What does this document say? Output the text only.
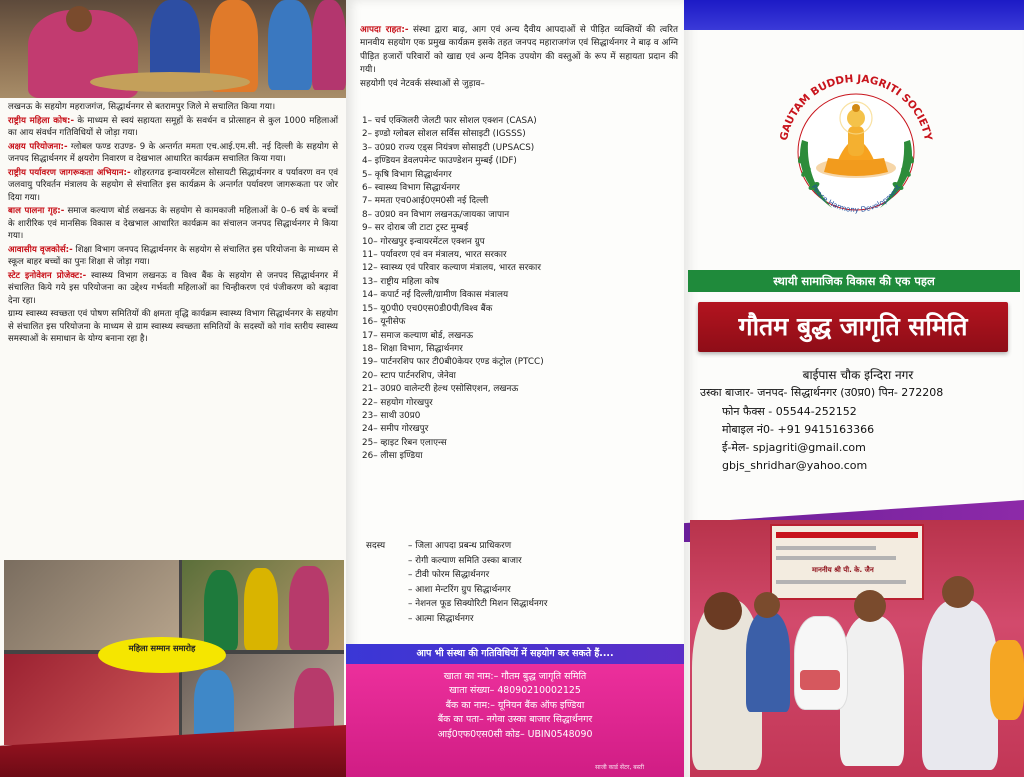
लखनऊ के सहयोग महराजगंज, सिद्धार्थनगर से बतरामपुर जिले मे सचालित किया गया।

राष्ट्रीय महिला कोष:- के माध्यम से स्वयं सहायता समूहों के सवर्धन व प्रोत्साहन से कुल 1000 महिलाओं का आय संवर्धन गतिविधियों से जोड़ा गया।

अक्षय परियोजना:- ग्लोबल फण्ड राउण्ड- 9 के अन्तर्गत ममता एच.आई.एम.सी. नई दिल्ली के सहयोग से जनपद सिद्धार्थनगर में क्षयरोग निवारण व देखभाल आधारित कार्यक्रम सचालित किया गया।

राष्ट्रीय पर्यावरण जागरूकता अभियान:- शोहरतगढ इन्वायरमेंटल सोसायटी सिद्धार्थनगर व पर्यावरण वन एवं जलवायु परिवर्तन मंत्रालय के सहयोग से संचालित इस कार्यक्रम के अन्तर्गत पर्यावरण जागरूकता पर जोर दिया गया।

बाल पालना गृह:- समाज कल्याण बोर्ड लखनऊ के सहयोग से कामकाजी महिलाओं के 0–6 वर्ष के बच्चों के शारीरिक एवं मानसिक विकास व देखभाल आधारित कार्यक्रम का संचालन जनपद सिद्धार्थनगर मे किया गया।

आवासीय वृजकोर्स:- शिक्षा विभाग जनपद सिद्धार्थनगर के सहयोग से संचालित इस परियोजना के माध्यम से स्कूल बाहर बच्चों का पुनः शिक्षा से जोड़ा गया।

स्टेट इनोवेशन प्रोजेक्ट:- स्वास्थ्य विभाग लखनऊ व विश्व बैंक के सहयोग से जनपद सिद्धार्थनगर में संचालित किये गये इस परियोजना का उद्देश्य गर्भवती महिलाओं का चिन्हीकरण एवं पंजीकरण को बढ़ावा देना रहा।

ग्राम्य स्वास्थ्य स्वच्छता एवं पोषण समितियों की क्षमता वृद्धि कार्यक्रम स्वास्थ्य विभाग सिद्धार्थनगर के सहयोग से संचालित इस परियोजना के माध्यम से ग्राम स्वास्थ्य स्वच्छता समितियों के सदस्यों को गांव स्तरीय स्वास्थ्य समस्याओं के समाधान के योग्य बनाना रहा है।

महिला सम्मान समारोह
आपदा राहत:- संस्था द्वारा बाढ़, आग एवं अन्य दैवीय आपदाओं से पीड़ित व्यक्तियों की त्वरित मानवीय सहयोग एक प्रमुख कार्यक्रम इसके तहत जनपद महाराजगंज एवं सिद्धार्थनगर ने बाढ़ व अग्नि पीड़ित हजारों परिवारों को खाद्य एवं अन्य दैनिक उपयोग की वस्तुओं के रूप में सहायता प्रदान की गयी।
सहयोगी एवं नेटवर्क संस्थाओं से जुड़ाव–
1– चर्च एक्जिलरी जेलटी फार सोशल एक्शन (CASA)
2– इण्डो ग्लोबल सोशल सर्विस सोसाइटी (IGSSS)
3– उ0प्र0 राज्य एड्स नियंत्रण सोसाइटी (UPSACS)
4– इण्डियन डेवलपमेन्ट फाउण्डेशन मुम्बई (IDF)
5– कृषि विभाग सिद्धार्थनगर
6– स्वास्थ्य विभाग सिद्धार्थनगर
7– ममता एच0आई0एम0सी नई दिल्ली
8– उ0प्र0 वन विभाग लखनऊ/जायका जापान
9– सर दोराब जी टाटा ट्रस्ट मुम्बई
10– गोरखपुर इन्वायरमेंटल एक्शन ग्रुप
11– पर्यावरण एवं वन मंत्रालय, भारत सरकार
12– स्वास्थ्य एवं परिवार कल्याण मंत्रालय, भारत सरकार
13– राष्ट्रीय महिला कोष
14– कपार्ट नई दिल्ली/ग्रामीण विकास मंत्रालय
15– यू0पी0 एच0एस0डी0पी/विश्व बैंक
16– यूनीसेफ
17– समाज कल्याण बोर्ड, लखनऊ
18– शिक्षा विभाग, सिद्धार्थनगर
19– पार्टनरशिप फार टी0बी0केयर एण्ड कंट्रोल (PTCC)
20– स्टाप पार्टनरशिप, जेनेवा
21– उ0प्र0 वालेन्टरी हेल्थ एसोसिएशन, लखनऊ
22– सहयोग गोरखपुर
23– साथी उ0प्र0
24– समीप गोरखपुर
25– व्हाइट रिबन एलाएन्स
26– लीसा इण्डिया
सदस्य	– जिला आपदा प्रबन्ध प्राधिकरण
– रोगी कल्याण समिति उस्का बाजार
– टीवी फोरम सिद्धार्थनगर
– आशा मेन्टरिंग ग्रुप सिद्धार्थनगर
– नेशनल फूड सिक्योरिटी मिशन सिद्धार्थनगर
– आत्मा सिद्धार्थनगर
आप भी संस्था की गतिविधियों में सहयोग कर सकते हैं....
खाता का नाम:– गौतम बुद्ध जागृति समिति
खाता संख्या– 48090210002125
बैंक का नाम:– यूनियन बैंक ऑफ इण्डिया
बैंक का पता– नगेवा उस्का बाजार सिद्धार्थनगर
आई0एफ0एस0सी कोड– UBIN0548090
साजी कार्ड सेंटर, बस्ती
GAUTAM BUDDH JAGRITI SOCIETY
Peace Harmony Development
स्थायी सामाजिक विकास की एक पहल
गौतम बुद्ध जागृति समिति
बाईपास चौक इन्दिरा नगर
उस्का बाजार- जनपद- सिद्धार्थनगर (उ0प्र0) पिन- 272208
फोन फैक्स - 05544-252152
मोबाइल नं0- +91 9415163366
ई-मेल- spjagriti@gmail.com
gbjs_shridhar@yahoo.com
माननीय श्री पी. के. जैन
